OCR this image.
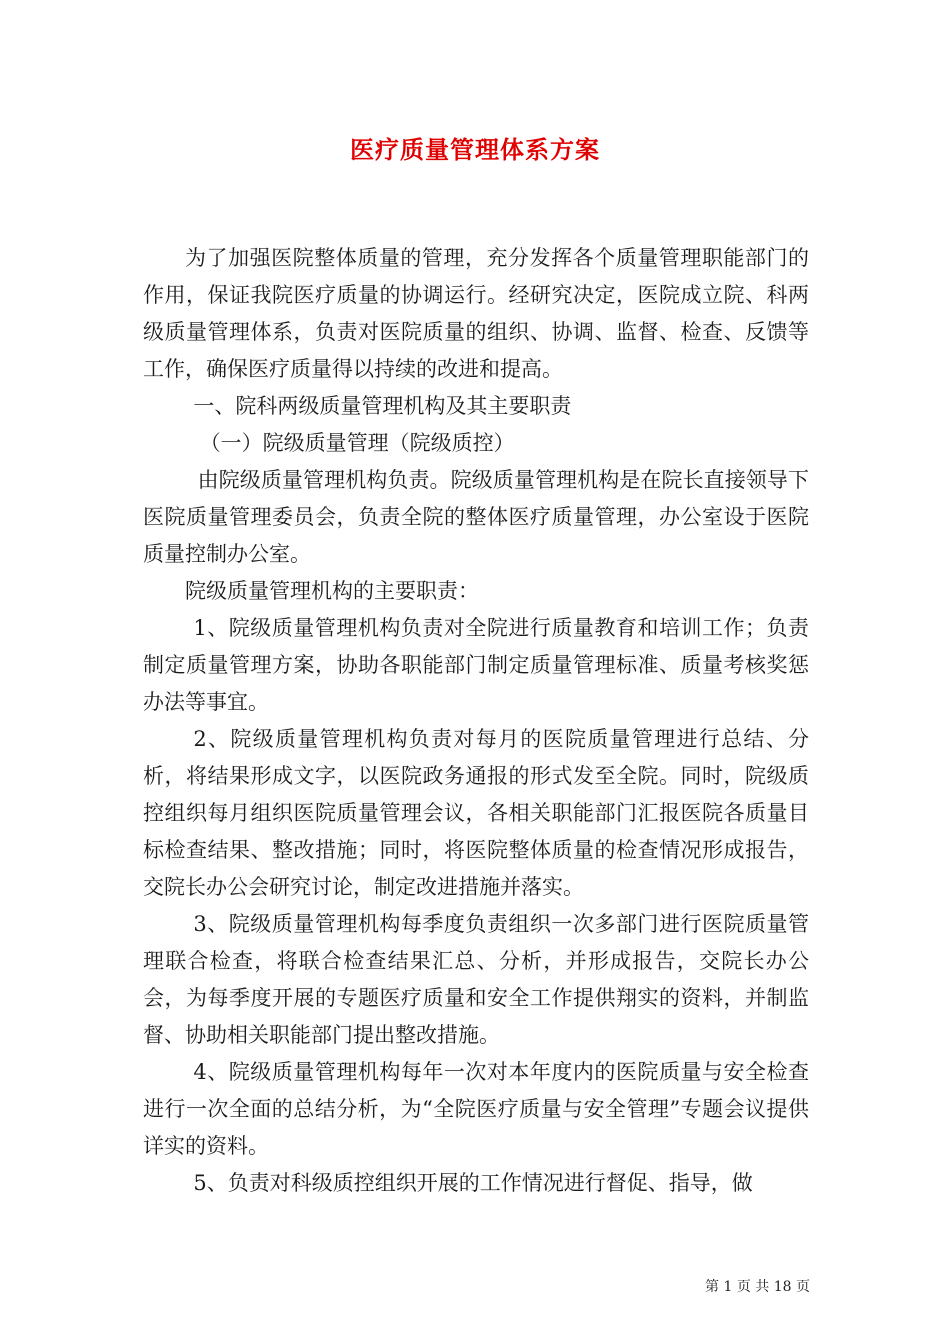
医疗质量管理体系方案

为了加强医院整体质量的管理，充分发挥各个质量管理职能部门的作用，保证我院医疗质量的协调运行。经研究决定，医院成立院、科两级质量管理体系，负责对医院质量的组织、协调、监督、检查、反馈等工作，确保医疗质量得以持续的改进和提高。

一、院科两级质量管理机构及其主要职责

（一）院级质量管理（院级质控）

由院级质量管理机构负责。院级质量管理机构是在院长直接领导下医院质量管理委员会，负责全院的整体医疗质量管理，办公室设于医院质量控制办公室。

院级质量管理机构的主要职责：

1、院级质量管理机构负责对全院进行质量教育和培训工作；负责制定质量管理方案，协助各职能部门制定质量管理标准、质量考核奖惩办法等事宜。

2、院级质量管理机构负责对每月的医院质量管理进行总结、分析，将结果形成文字，以医院政务通报的形式发至全院。同时，院级质控组织每月组织医院质量管理会议，各相关职能部门汇报医院各质量目标检查结果、整改措施；同时，将医院整体质量的检查情况形成报告，交院长办公会研究讨论，制定改进措施并落实。

3、院级质量管理机构每季度负责组织一次多部门进行医院质量管理联合检查，将联合检查结果汇总、分析，并形成报告，交院长办公会，为每季度开展的专题医疗质量和安全工作提供翔实的资料，并制监督、协助相关职能部门提出整改措施。

4、院级质量管理机构每年一次对本年度内的医院质量与安全检查进行一次全面的总结分析，为“全院医疗质量与安全管理”专题会议提供详实的资料。

5、负责对科级质控组织开展的工作情况进行督促、指导，做

第 1 页 共 18 页
